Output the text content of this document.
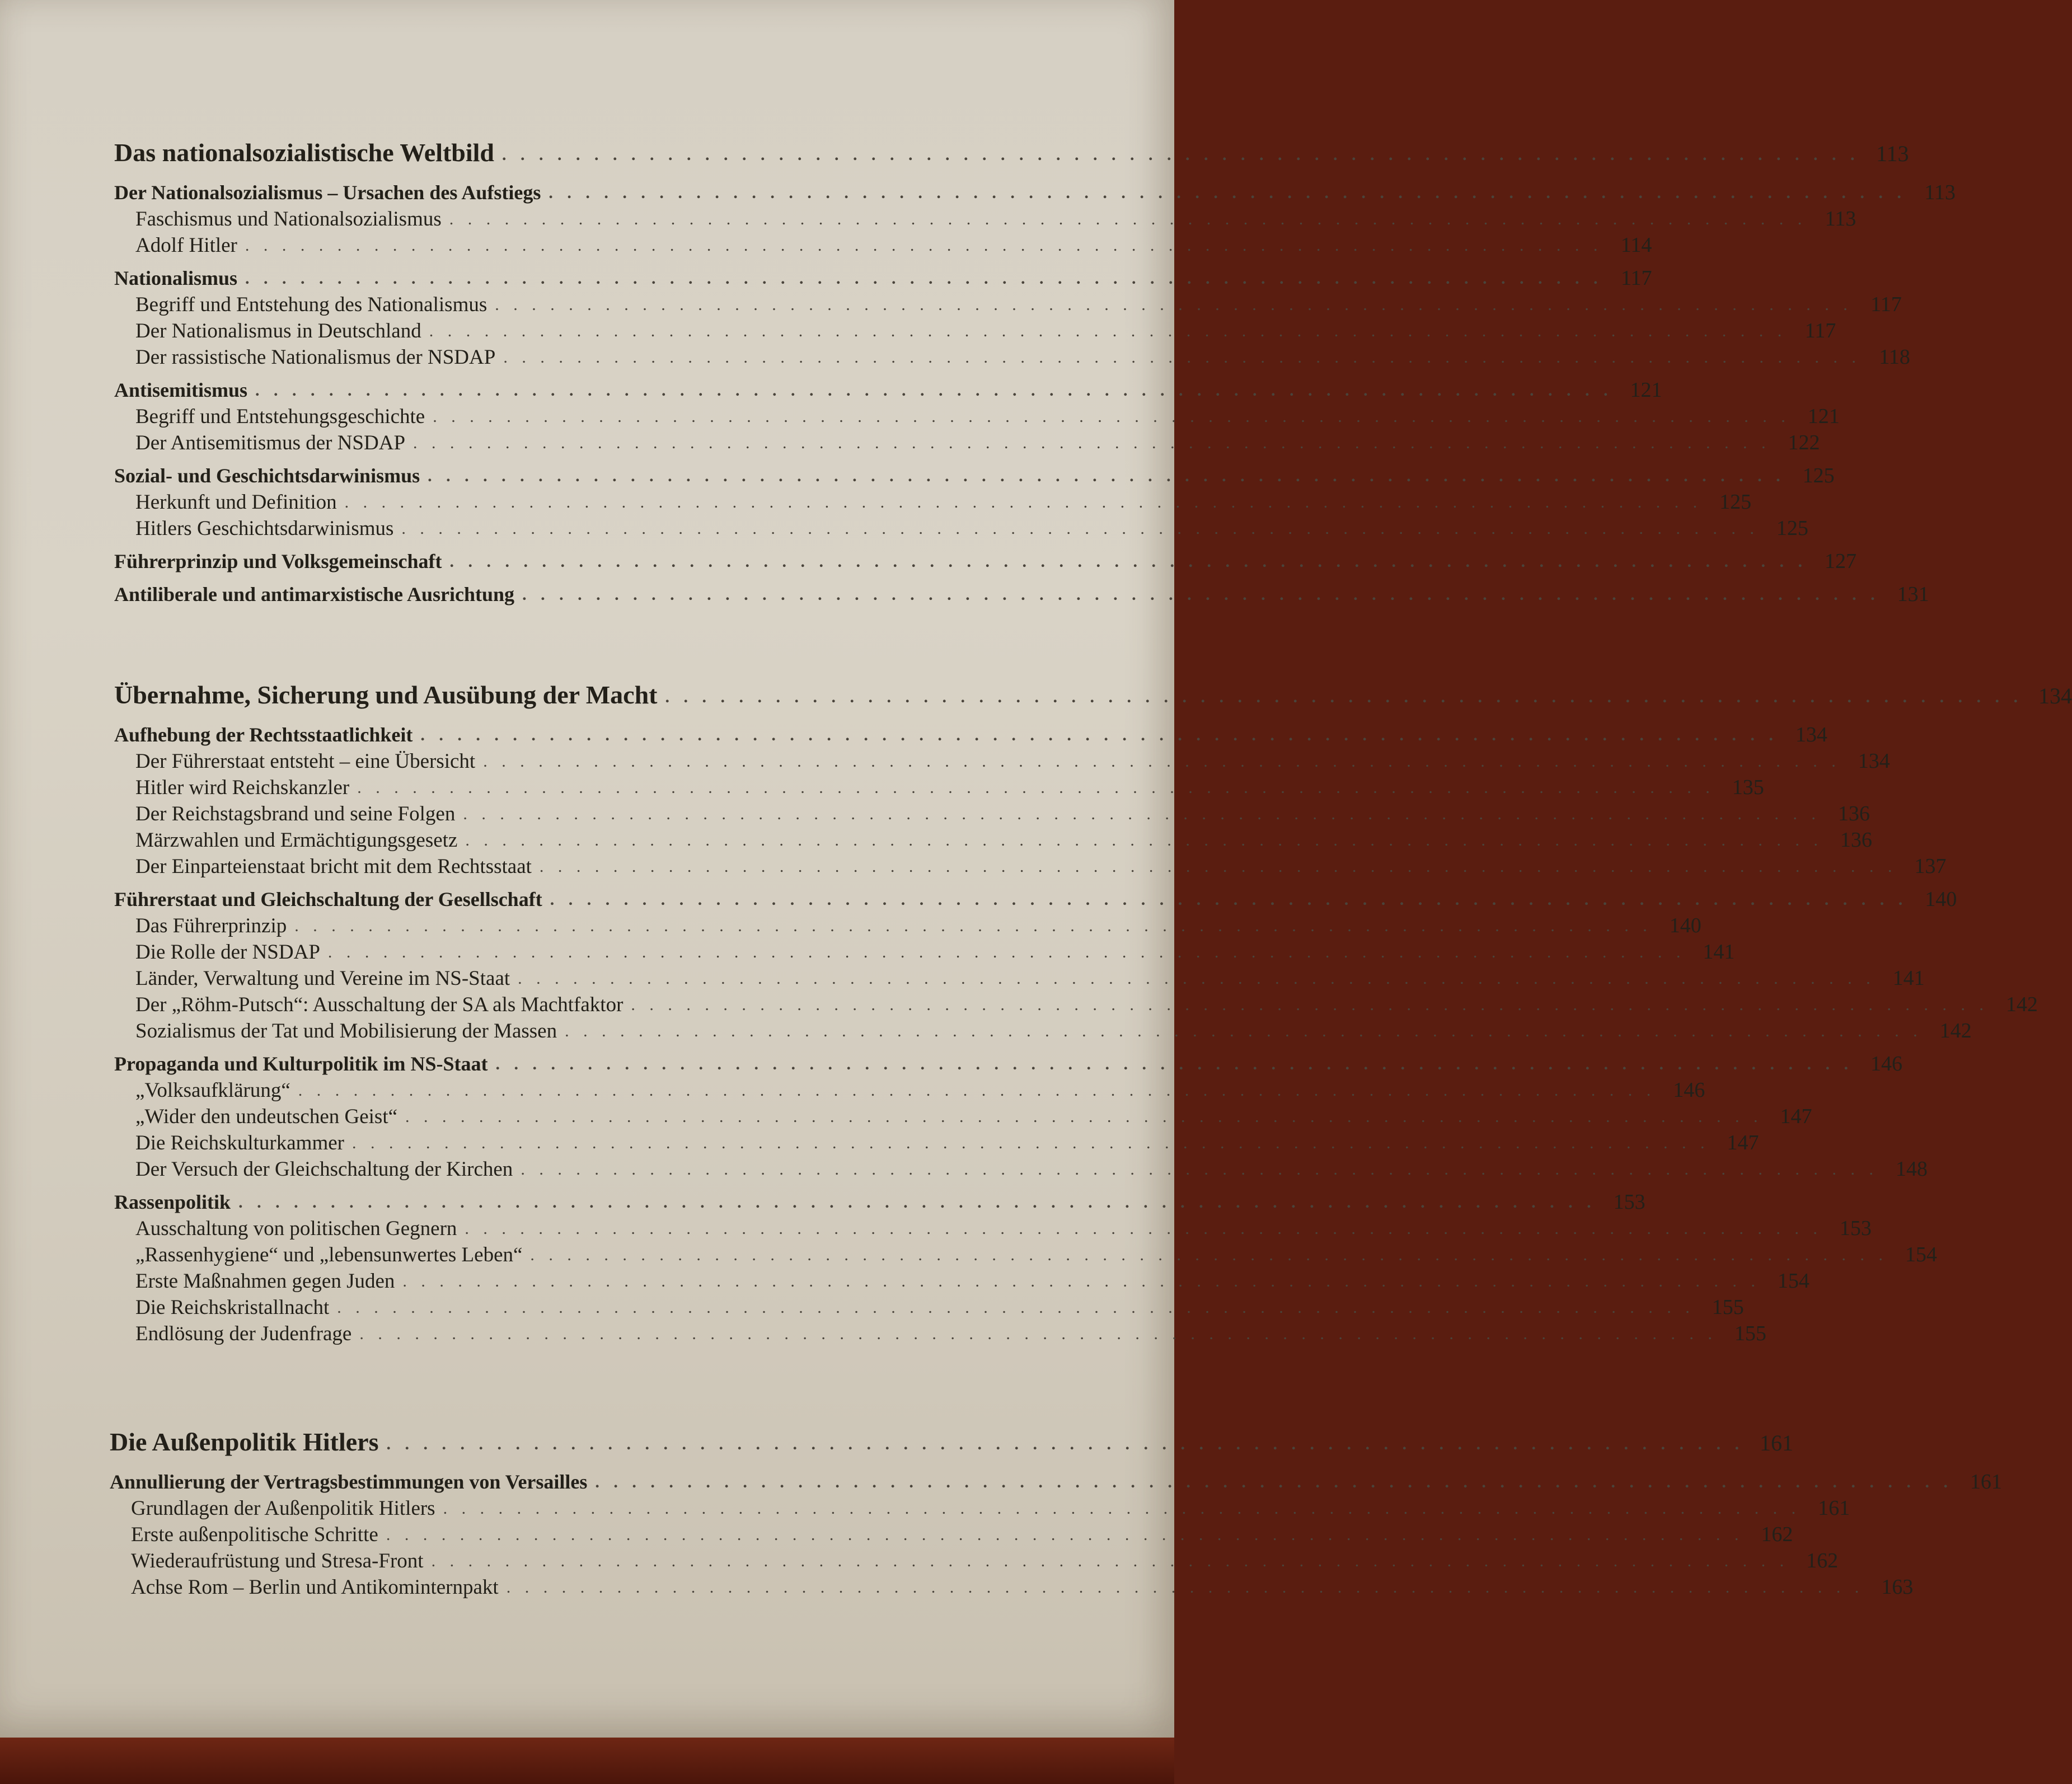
Das nationalsozialistische Weltbild . . . . . . . . . . . . . . . . . . . . . . . . . . . . . . . . . . . . . . . . . . . . . . . . . . . . . . . . . . . . . . . . . . . . . . . . . . 113
Der Nationalsozialismus – Ursachen des Aufstiegs . . . . . . . . . . . . . . . . . . . . . . . . . . . . . . . . . . . . . . . . . . . . . . . . . . . . . . . . . . . . . . . . . . . . . . . . . . 113
Faschismus und Nationalsozialismus . . . . . . . . . . . . . . . . . . . . . . . . . . . . . . . . . . . . . . . . . . . . . . . . . . . . . . . . . . . . . . . . . . . . . . . . . . 113
Adolf Hitler . . . . . . . . . . . . . . . . . . . . . . . . . . . . . . . . . . . . . . . . . . . . . . . . . . . . . . . . . . . . . . . . . . . . . . . . . . 114
Nationalismus . . . . . . . . . . . . . . . . . . . . . . . . . . . . . . . . . . . . . . . . . . . . . . . . . . . . . . . . . . . . . . . . . . . . . . . . . . 117
Begriff und Entstehung des Nationalismus . . . . . . . . . . . . . . . . . . . . . . . . . . . . . . . . . . . . . . . . . . . . . . . . . . . . . . . . . . . . . . . . . . . . . . . . . . 117
Der Nationalismus in Deutschland . . . . . . . . . . . . . . . . . . . . . . . . . . . . . . . . . . . . . . . . . . . . . . . . . . . . . . . . . . . . . . . . . . . . . . . . . . 117
Der rassistische Nationalismus der NSDAP . . . . . . . . . . . . . . . . . . . . . . . . . . . . . . . . . . . . . . . . . . . . . . . . . . . . . . . . . . . . . . . . . . . . . . . . . . 118
Antisemitismus . . . . . . . . . . . . . . . . . . . . . . . . . . . . . . . . . . . . . . . . . . . . . . . . . . . . . . . . . . . . . . . . . . . . . . . . . . 121
Begriff und Entstehungsgeschichte . . . . . . . . . . . . . . . . . . . . . . . . . . . . . . . . . . . . . . . . . . . . . . . . . . . . . . . . . . . . . . . . . . . . . . . . . . 121
Der Antisemitismus der NSDAP . . . . . . . . . . . . . . . . . . . . . . . . . . . . . . . . . . . . . . . . . . . . . . . . . . . . . . . . . . . . . . . . . . . . . . . . . . 122
Sozial- und Geschichtsdarwinismus . . . . . . . . . . . . . . . . . . . . . . . . . . . . . . . . . . . . . . . . . . . . . . . . . . . . . . . . . . . . . . . . . . . . . . . . . . 125
Herkunft und Definition . . . . . . . . . . . . . . . . . . . . . . . . . . . . . . . . . . . . . . . . . . . . . . . . . . . . . . . . . . . . . . . . . . . . . . . . . . 125
Hitlers Geschichtsdarwinismus . . . . . . . . . . . . . . . . . . . . . . . . . . . . . . . . . . . . . . . . . . . . . . . . . . . . . . . . . . . . . . . . . . . . . . . . . . 125
Führerprinzip und Volksgemeinschaft . . . . . . . . . . . . . . . . . . . . . . . . . . . . . . . . . . . . . . . . . . . . . . . . . . . . . . . . . . . . . . . . . . . . . . . . . . 127
Antiliberale und antimarxistische Ausrichtung . . . . . . . . . . . . . . . . . . . . . . . . . . . . . . . . . . . . . . . . . . . . . . . . . . . . . . . . . . . . . . . . . . . . . . . . . . 131
Übernahme, Sicherung und Ausübung der Macht . . . . . . . . . . . . . . . . . . . . . . . . . . . . . . . . . . . . . . . . . . . . . . . . . . . . . . . . . . . . . . . . . . . . . . . . . . 134
Aufhebung der Rechtsstaatlichkeit . . . . . . . . . . . . . . . . . . . . . . . . . . . . . . . . . . . . . . . . . . . . . . . . . . . . . . . . . . . . . . . . . . . . . . . . . . 134
Der Führerstaat entsteht – eine Übersicht . . . . . . . . . . . . . . . . . . . . . . . . . . . . . . . . . . . . . . . . . . . . . . . . . . . . . . . . . . . . . . . . . . . . . . . . . . 134
Hitler wird Reichskanzler . . . . . . . . . . . . . . . . . . . . . . . . . . . . . . . . . . . . . . . . . . . . . . . . . . . . . . . . . . . . . . . . . . . . . . . . . . 135
Der Reichstagsbrand und seine Folgen . . . . . . . . . . . . . . . . . . . . . . . . . . . . . . . . . . . . . . . . . . . . . . . . . . . . . . . . . . . . . . . . . . . . . . . . . . 136
Märzwahlen und Ermächtigungsgesetz . . . . . . . . . . . . . . . . . . . . . . . . . . . . . . . . . . . . . . . . . . . . . . . . . . . . . . . . . . . . . . . . . . . . . . . . . . 136
Der Einparteienstaat bricht mit dem Rechtsstaat . . . . . . . . . . . . . . . . . . . . . . . . . . . . . . . . . . . . . . . . . . . . . . . . . . . . . . . . . . . . . . . . . . . . . . . . . . 137
Führerstaat und Gleichschaltung der Gesellschaft . . . . . . . . . . . . . . . . . . . . . . . . . . . . . . . . . . . . . . . . . . . . . . . . . . . . . . . . . . . . . . . . . . . . . . . . . . 140
Das Führerprinzip . . . . . . . . . . . . . . . . . . . . . . . . . . . . . . . . . . . . . . . . . . . . . . . . . . . . . . . . . . . . . . . . . . . . . . . . . . 140
Die Rolle der NSDAP . . . . . . . . . . . . . . . . . . . . . . . . . . . . . . . . . . . . . . . . . . . . . . . . . . . . . . . . . . . . . . . . . . . . . . . . . . 141
Länder, Verwaltung und Vereine im NS-Staat . . . . . . . . . . . . . . . . . . . . . . . . . . . . . . . . . . . . . . . . . . . . . . . . . . . . . . . . . . . . . . . . . . . . . . . . . . 141
Der „Röhm-Putsch“: Ausschaltung der SA als Machtfaktor . . . . . . . . . . . . . . . . . . . . . . . . . . . . . . . . . . . . . . . . . . . . . . . . . . . . . . . . . . . . . . . . . . . . . . . . . . 142
Sozialismus der Tat und Mobilisierung der Massen . . . . . . . . . . . . . . . . . . . . . . . . . . . . . . . . . . . . . . . . . . . . . . . . . . . . . . . . . . . . . . . . . . . . . . . . . . 142
Propaganda und Kulturpolitik im NS-Staat . . . . . . . . . . . . . . . . . . . . . . . . . . . . . . . . . . . . . . . . . . . . . . . . . . . . . . . . . . . . . . . . . . . . . . . . . . 146
„Volksaufklärung“ . . . . . . . . . . . . . . . . . . . . . . . . . . . . . . . . . . . . . . . . . . . . . . . . . . . . . . . . . . . . . . . . . . . . . . . . . . 146
„Wider den undeutschen Geist“ . . . . . . . . . . . . . . . . . . . . . . . . . . . . . . . . . . . . . . . . . . . . . . . . . . . . . . . . . . . . . . . . . . . . . . . . . . 147
Die Reichskulturkammer . . . . . . . . . . . . . . . . . . . . . . . . . . . . . . . . . . . . . . . . . . . . . . . . . . . . . . . . . . . . . . . . . . . . . . . . . . 147
Der Versuch der Gleichschaltung der Kirchen . . . . . . . . . . . . . . . . . . . . . . . . . . . . . . . . . . . . . . . . . . . . . . . . . . . . . . . . . . . . . . . . . . . . . . . . . . 148
Rassenpolitik . . . . . . . . . . . . . . . . . . . . . . . . . . . . . . . . . . . . . . . . . . . . . . . . . . . . . . . . . . . . . . . . . . . . . . . . . . 153
Ausschaltung von politischen Gegnern . . . . . . . . . . . . . . . . . . . . . . . . . . . . . . . . . . . . . . . . . . . . . . . . . . . . . . . . . . . . . . . . . . . . . . . . . . 153
„Rassenhygiene“ und „lebensunwertes Leben“ . . . . . . . . . . . . . . . . . . . . . . . . . . . . . . . . . . . . . . . . . . . . . . . . . . . . . . . . . . . . . . . . . . . . . . . . . . 154
Erste Maßnahmen gegen Juden . . . . . . . . . . . . . . . . . . . . . . . . . . . . . . . . . . . . . . . . . . . . . . . . . . . . . . . . . . . . . . . . . . . . . . . . . . 154
Die Reichskristallnacht . . . . . . . . . . . . . . . . . . . . . . . . . . . . . . . . . . . . . . . . . . . . . . . . . . . . . . . . . . . . . . . . . . . . . . . . . . 155
Endlösung der Judenfrage . . . . . . . . . . . . . . . . . . . . . . . . . . . . . . . . . . . . . . . . . . . . . . . . . . . . . . . . . . . . . . . . . . . . . . . . . . 155
Die Außenpolitik Hitlers . . . . . . . . . . . . . . . . . . . . . . . . . . . . . . . . . . . . . . . . . . . . . . . . . . . . . . . . . . . . . . . . . . . . . . . . . . 161
Annullierung der Vertragsbestimmungen von Versailles . . . . . . . . . . . . . . . . . . . . . . . . . . . . . . . . . . . . . . . . . . . . . . . . . . . . . . . . . . . . . . . . . . . . . . . . . . 161
Grundlagen der Außenpolitik Hitlers . . . . . . . . . . . . . . . . . . . . . . . . . . . . . . . . . . . . . . . . . . . . . . . . . . . . . . . . . . . . . . . . . . . . . . . . . . 161
Erste außenpolitische Schritte . . . . . . . . . . . . . . . . . . . . . . . . . . . . . . . . . . . . . . . . . . . . . . . . . . . . . . . . . . . . . . . . . . . . . . . . . . 162
Wiederaufrüstung und Stresa-Front . . . . . . . . . . . . . . . . . . . . . . . . . . . . . . . . . . . . . . . . . . . . . . . . . . . . . . . . . . . . . . . . . . . . . . . . . . 162
Achse Rom – Berlin und Antikominternpakt . . . . . . . . . . . . . . . . . . . . . . . . . . . . . . . . . . . . . . . . . . . . . . . . . . . . . . . . . . . . . . . . . . . . . . . . . . 163
